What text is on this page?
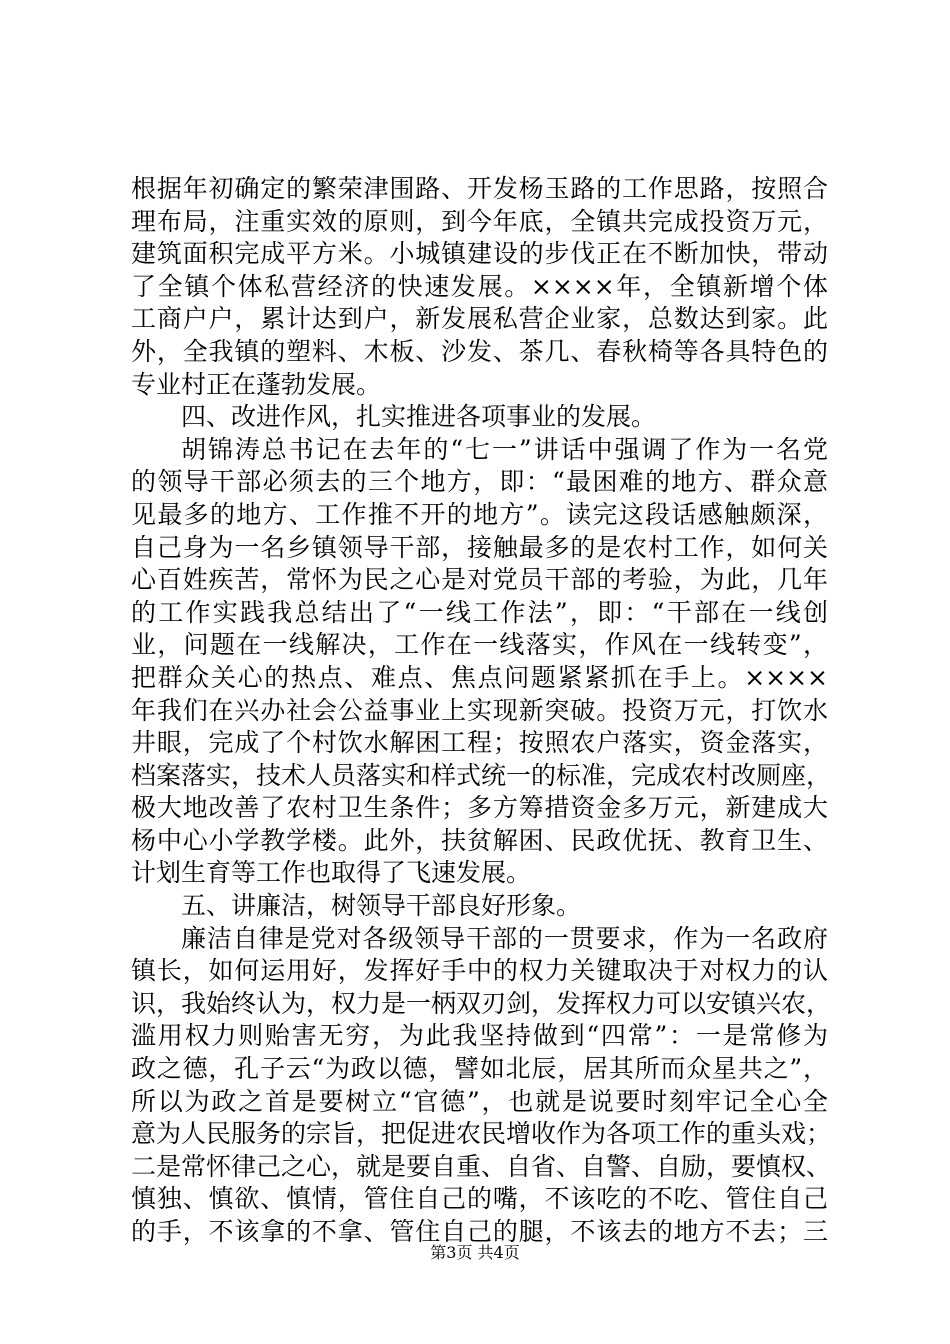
根据年初确定的繁荣津围路、开发杨玉路的工作思路，按照合
理布局，注重实效的原则，到今年底，全镇共完成投资万元，
建筑面积完成平方米。小城镇建设的步伐正在不断加快，带动
了全镇个体私营经济的快速发展。××××年，全镇新增个体
工商户户，累计达到户，新发展私营企业家，总数达到家。此
外，全我镇的塑料、木板、沙发、茶几、春秋椅等各具特色的
专业村正在蓬勃发展。
四、改进作风，扎实推进各项事业的发展。
胡锦涛总书记在去年的“七一”讲话中强调了作为一名党
的领导干部必须去的三个地方，即：“最困难的地方、群众意
见最多的地方、工作推不开的地方”。读完这段话感触颇深，
自己身为一名乡镇领导干部，接触最多的是农村工作，如何关
心百姓疾苦，常怀为民之心是对党员干部的考验，为此，几年
的工作实践我总结出了“一线工作法”，即：“干部在一线创
业，问题在一线解决，工作在一线落实，作风在一线转变”，
把群众关心的热点、难点、焦点问题紧紧抓在手上。××××
年我们在兴办社会公益事业上实现新突破。投资万元，打饮水
井眼，完成了个村饮水解困工程；按照农户落实，资金落实，
档案落实，技术人员落实和样式统一的标准，完成农村改厕座，
极大地改善了农村卫生条件；多方筹措资金多万元，新建成大
杨中心小学教学楼。此外，扶贫解困、民政优抚、教育卫生、
计划生育等工作也取得了飞速发展。
五、讲廉洁，树领导干部良好形象。
廉洁自律是党对各级领导干部的一贯要求，作为一名政府
镇长，如何运用好，发挥好手中的权力关键取决于对权力的认
识，我始终认为，权力是一柄双刃剑，发挥权力可以安镇兴农，
滥用权力则贻害无穷，为此我坚持做到“四常”：一是常修为
政之德，孔子云“为政以德，譬如北辰，居其所而众星共之”，
所以为政之首是要树立“官德”，也就是说要时刻牢记全心全
意为人民服务的宗旨，把促进农民增收作为各项工作的重头戏；
二是常怀律己之心，就是要自重、自省、自警、自励，要慎权、
慎独、慎欲、慎情，管住自己的嘴，不该吃的不吃、管住自己
的手，不该拿的不拿、管住自己的腿，不该去的地方不去；三
第3页 共4页
